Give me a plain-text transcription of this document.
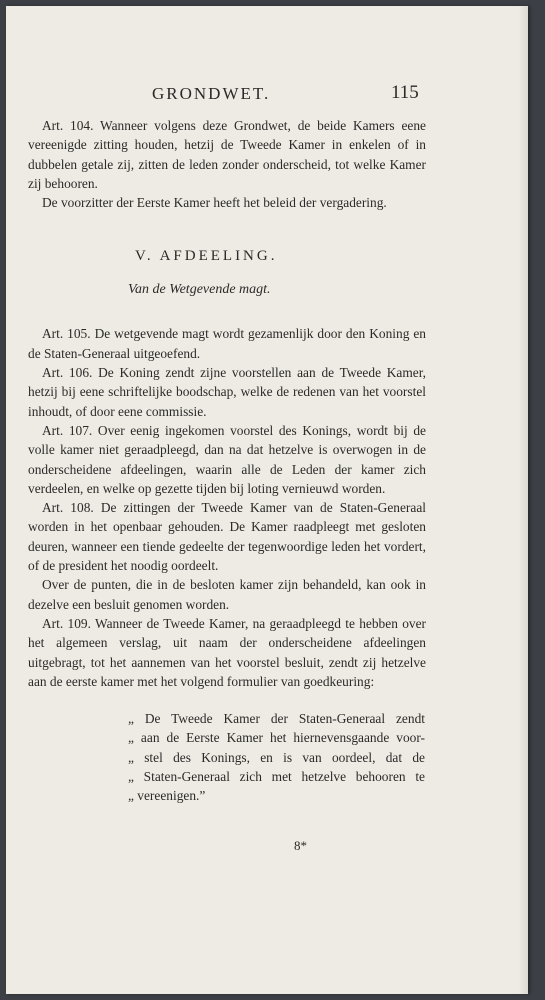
GRONDWET.	115

Art. 104. Wanneer volgens deze Grondwet, de beide Kamers eene vereenigde zitting houden, hetzij de Tweede Kamer in enkelen of in dubbelen getale zij, zitten de leden zonder onderscheid, tot welke Kamer zij behooren.

De voorzitter der Eerste Kamer heeft het beleid der vergadering.

V. AFDEELING.
Van de Wetgevende magt.

Art. 105. De wetgevende magt wordt gezamenlijk door den Koning en de Staten-Generaal uitgeoefend.

Art. 106. De Koning zendt zijne voorstellen aan de Tweede Kamer, hetzij bij eene schriftelijke boodschap, welke de redenen van het voorstel inhoudt, of door eene commissie.

Art. 107. Over eenig ingekomen voorstel des Konings, wordt bij de volle kamer niet geraadpleegd, dan na dat hetzelve is overwogen in de onderscheidene afdeelingen, waarin alle de Leden der kamer zich verdeelen, en welke op gezette tijden bij loting vernieuwd worden.

Art. 108. De zittingen der Tweede Kamer van de Staten-Generaal worden in het openbaar gehouden. De Kamer raadpleegt met gesloten deuren, wanneer een tiende gedeelte der tegenwoordige leden het vordert, of de president het noodig oordeelt.

Over de punten, die in de besloten kamer zijn behandeld, kan ook in dezelve een besluit genomen worden.

Art. 109. Wanneer de Tweede Kamer, na geraadpleegd te hebben over het algemeen verslag, uit naam der onderscheidene afdeelingen uitgebragt, tot het aannemen van het voorstel besluit, zendt zij hetzelve aan de eerste kamer met het volgend formulier van goedkeuring:

„ De Tweede Kamer der Staten-Generaal zendt
„ aan de Eerste Kamer het hiernevensgaande voor-
„ stel des Konings, en is van oordeel, dat de
„ Staten-Generaal zich met hetzelve behooren te
„ vereenigen.”
8*
